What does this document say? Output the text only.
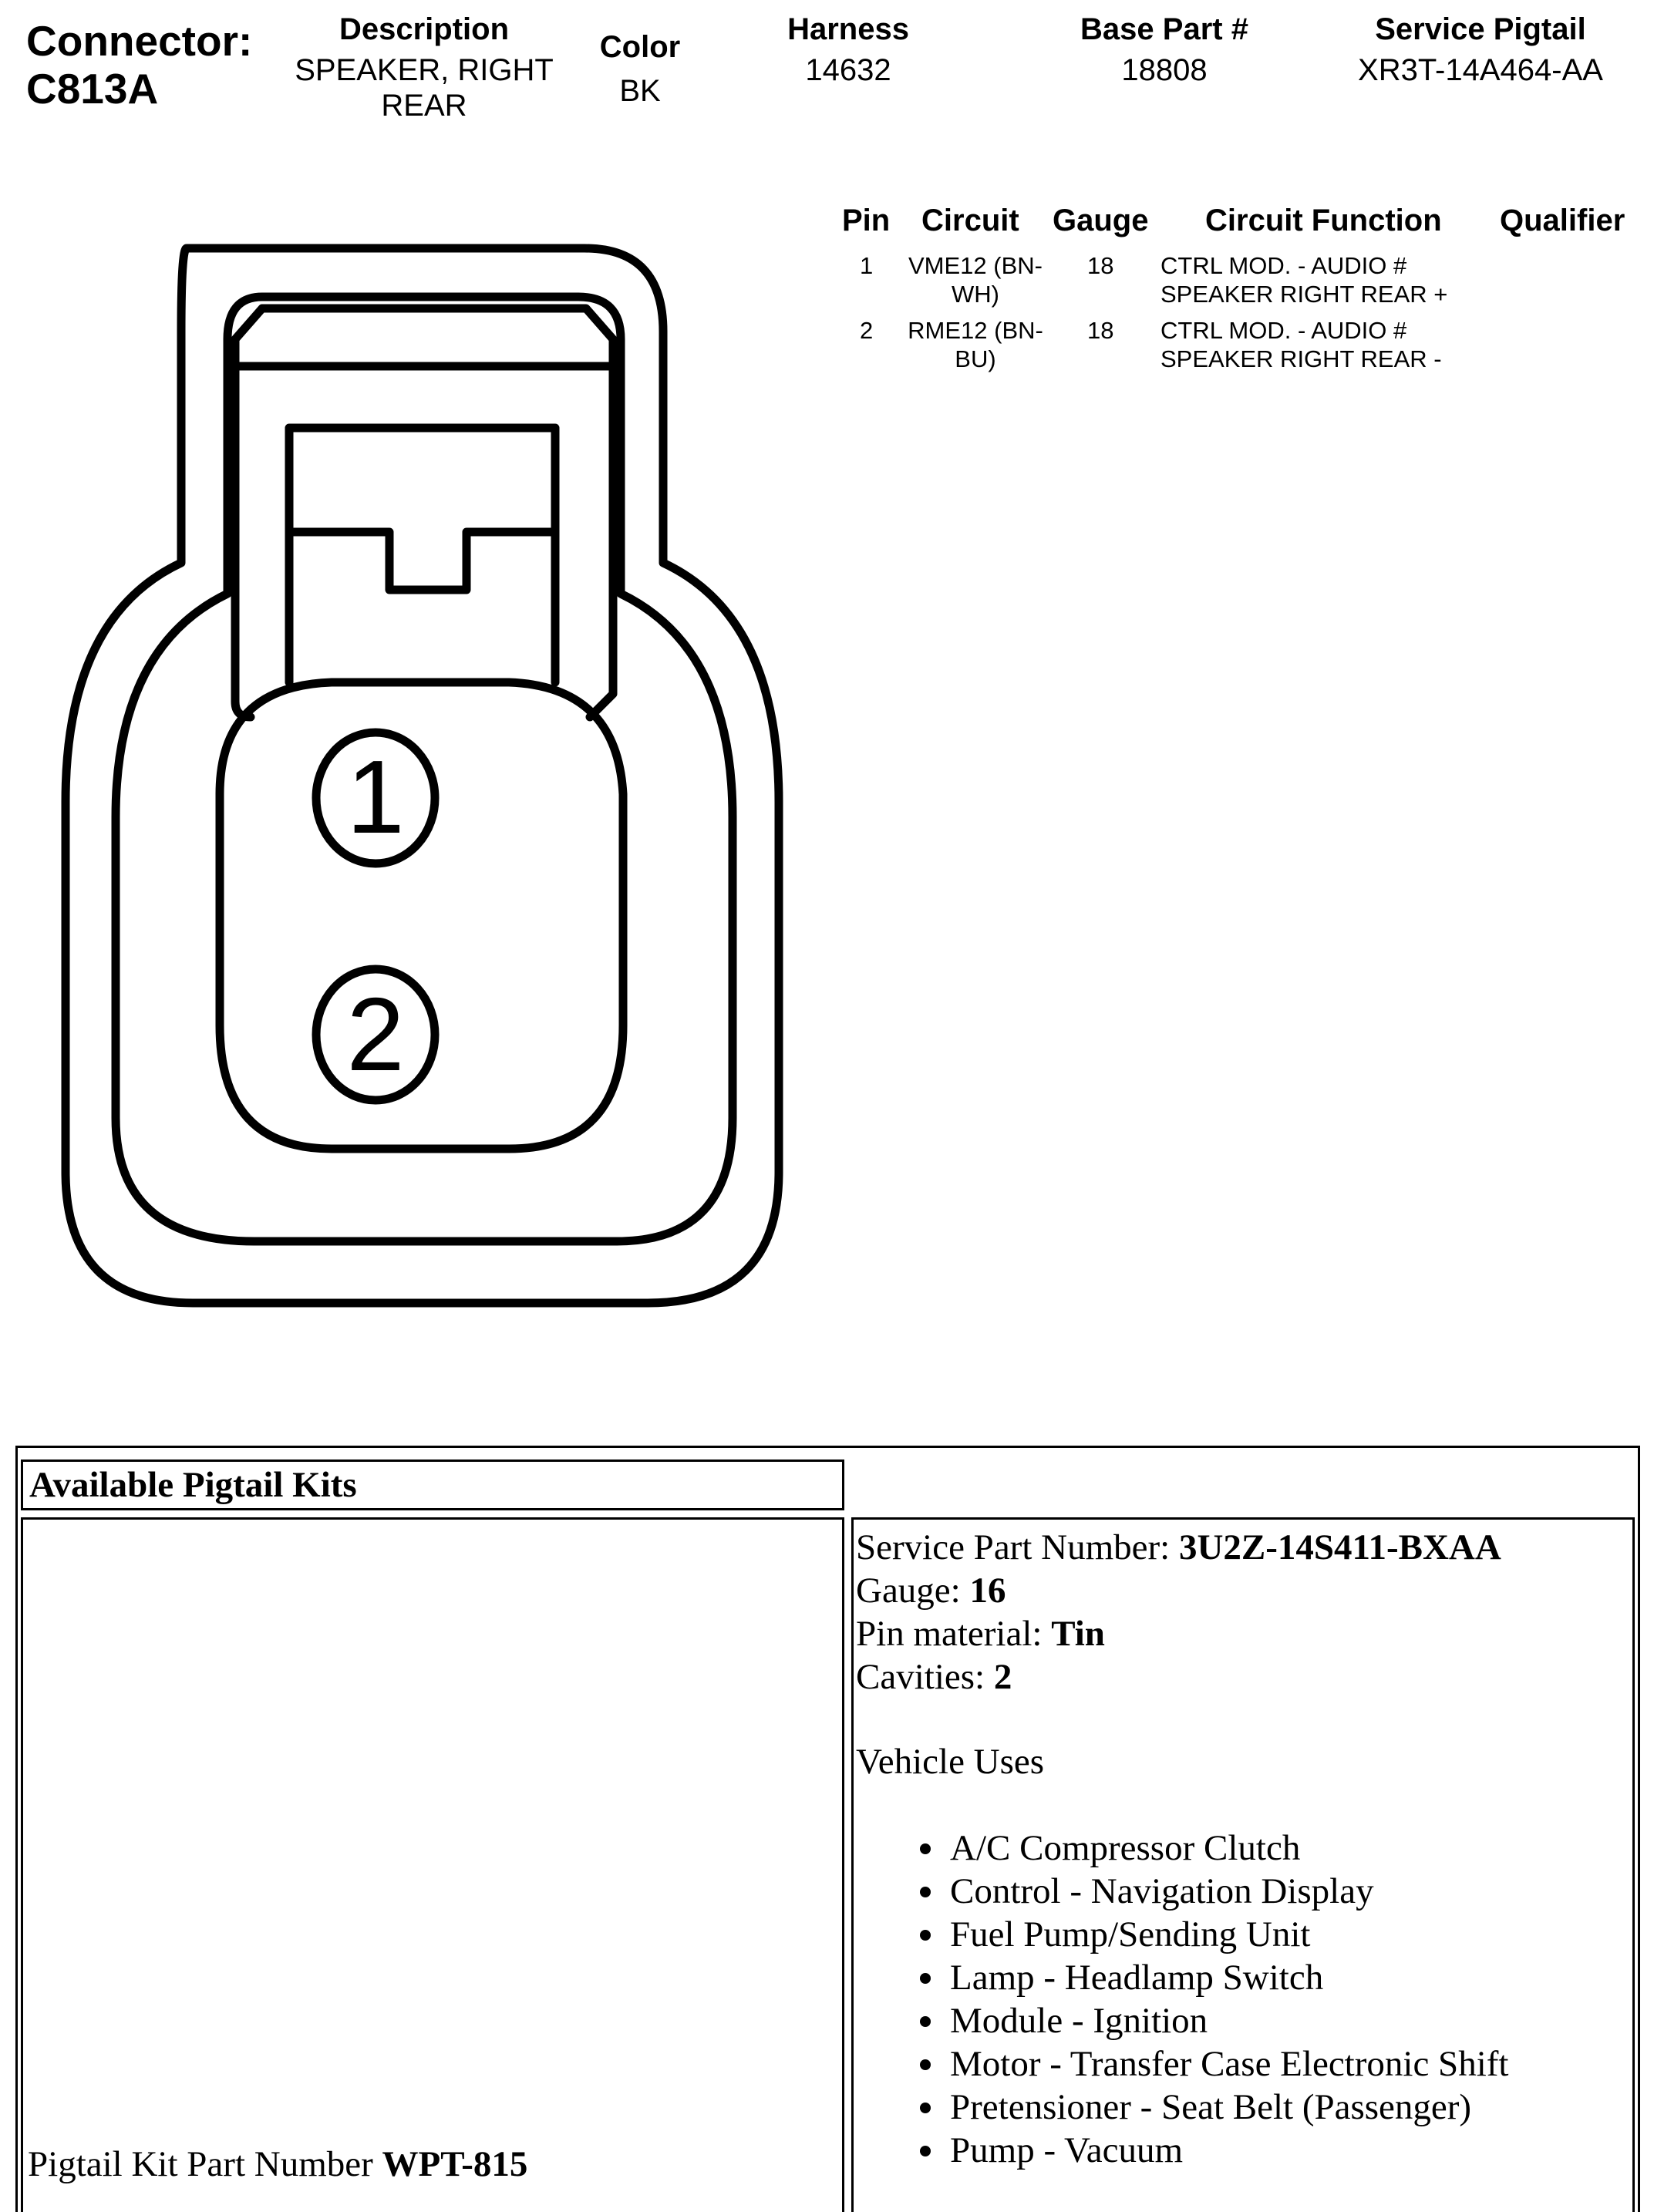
Connector:
C813A
Description
SPEAKER, RIGHT
REAR
Color
BK
Harness
14632
Base Part #
18808
Service Pigtail
XR3T-14A464-AA
Pin Circuit Gauge Circuit Function Qualifier
1	VME12 (BN-
WH)
18 CTRL MOD. - AUDIO #
SPEAKER RIGHT REAR +
2	RME12 (BN-
BU)
18 CTRL MOD. - AUDIO #
SPEAKER RIGHT REAR -
1
2
Available Pigtail Kits
Pigtail Kit Part Number WPT-815
Service Part Number: 3U2Z-14S411-BXAA
Gauge: 16
Pin material: Tin
Cavities: 2
Vehicle Uses
A/C Compressor Clutch
Control - Navigation Display
Fuel Pump/Sending Unit
Lamp - Headlamp Switch
Module - Ignition
Motor - Transfer Case Electronic Shift
Pretensioner - Seat Belt (Passenger)
Pump - Vacuum
